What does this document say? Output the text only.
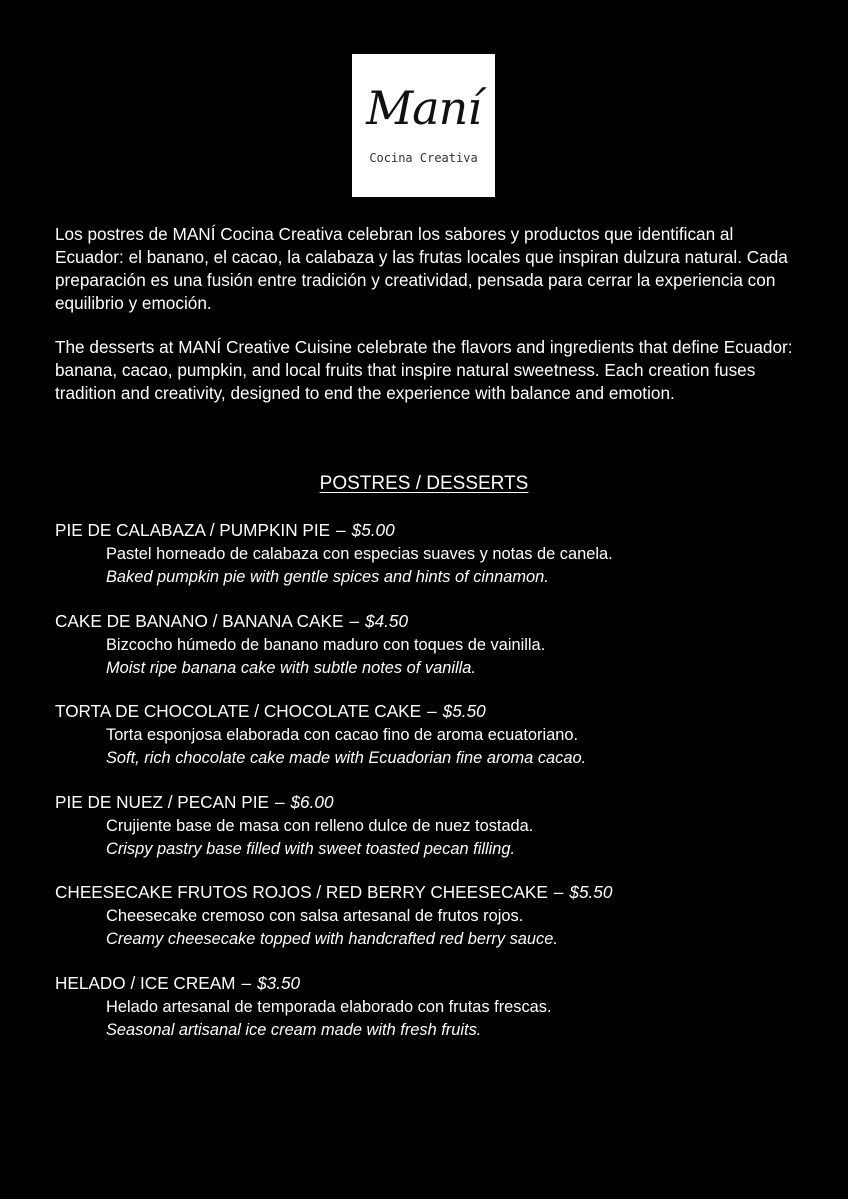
Maní
Cocina Creativa

Los postres de MANÍ Cocina Creativa celebran los sabores y productos que identifican al Ecuador: el banano, el cacao, la calabaza y las frutas locales que inspiran dulzura natural. Cada preparación es una fusión entre tradición y creatividad, pensada para cerrar la experiencia con equilibrio y emoción.

The desserts at MANÍ Creative Cuisine celebrate the flavors and ingredients that define Ecuador: banana, cacao, pumpkin, and local fruits that inspire natural sweetness. Each creation fuses tradition and creativity, designed to end the experience with balance and emotion.

POSTRES / DESSERTS

PIE DE CALABAZA / PUMPKIN PIE – $5.00

Pastel horneado de calabaza con especias suaves y notas de canela.

Baked pumpkin pie with gentle spices and hints of cinnamon.

CAKE DE BANANO / BANANA CAKE – $4.50

Bizcocho húmedo de banano maduro con toques de vainilla.

Moist ripe banana cake with subtle notes of vanilla.

TORTA DE CHOCOLATE / CHOCOLATE CAKE – $5.50

Torta esponjosa elaborada con cacao fino de aroma ecuatoriano.

Soft, rich chocolate cake made with Ecuadorian fine aroma cacao.

PIE DE NUEZ / PECAN PIE – $6.00

Crujiente base de masa con relleno dulce de nuez tostada.

Crispy pastry base filled with sweet toasted pecan filling.

CHEESECAKE FRUTOS ROJOS / RED BERRY CHEESECAKE – $5.50

Cheesecake cremoso con salsa artesanal de frutos rojos.

Creamy cheesecake topped with handcrafted red berry sauce.

HELADO / ICE CREAM – $3.50

Helado artesanal de temporada elaborado con frutas frescas.

Seasonal artisanal ice cream made with fresh fruits.
